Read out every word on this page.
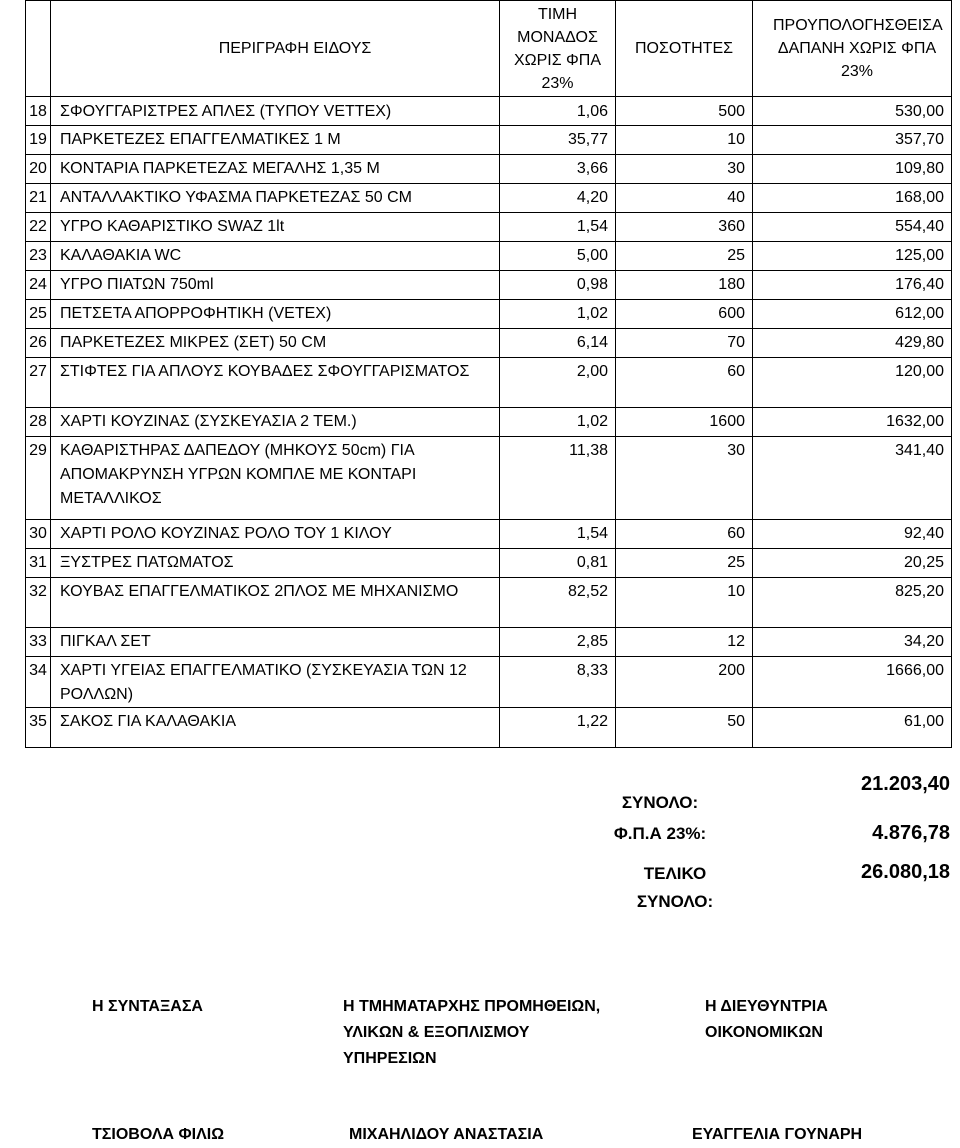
	ΠΕΡΙΓΡΑΦΗ ΕΙΔΟΥΣ	ΤΙΜΗ ΜΟΝΑΔΟΣ ΧΩΡΙΣ ΦΠΑ 23%	ΠΟΣΟΤΗΤΕΣ	ΠΡΟΥΠΟΛΟΓΗΣΘΕΙΣΑ ΔΑΠΑΝΗ ΧΩΡΙΣ ΦΠΑ 23%
18	ΣΦΟΥΓΓΑΡΙΣΤΡΕΣ ΑΠΛΕΣ (ΤΥΠΟΥ VETTEX)	1,06	500	530,00
19	ΠΑΡΚΕΤΕΖΕΣ ΕΠΑΓΓΕΛΜΑΤΙΚΕΣ 1 Μ	35,77	10	357,70
20	ΚΟΝΤΑΡΙΑ ΠΑΡΚΕΤΕΖΑΣ ΜΕΓΑΛΗΣ 1,35 Μ	3,66	30	109,80
21	ΑΝΤΑΛΛΑΚΤΙΚΟ ΥΦΑΣΜΑ ΠΑΡΚΕΤΕΖΑΣ 50 CM	4,20	40	168,00
22	ΥΓΡΟ ΚΑΘΑΡΙΣΤΙΚΟ SWAZ 1lt	1,54	360	554,40
23	ΚΑΛΑΘΑΚΙΑ WC	5,00	25	125,00
24	ΥΓΡΟ ΠΙΑΤΩΝ 750ml	0,98	180	176,40
25	ΠΕΤΣΕΤΑ ΑΠΟΡΡΟΦΗΤΙΚΗ (VETEX)	1,02	600	612,00
26	ΠΑΡΚΕΤΕΖΕΣ ΜΙΚΡΕΣ (ΣΕΤ) 50 CM	6,14	70	429,80
27	ΣΤΙΦΤΕΣ ΓΙΑ ΑΠΛΟΥΣ ΚΟΥΒΑΔΕΣ ΣΦΟΥΓΓΑΡΙΣΜΑΤΟΣ	2,00	60	120,00
28	ΧΑΡΤΙ ΚΟΥΖΙΝΑΣ (ΣΥΣΚΕΥΑΣΙΑ 2 ΤΕΜ.)	1,02	1600	1632,00
29	ΚΑΘΑΡΙΣΤΗΡΑΣ ΔΑΠΕΔΟΥ (ΜΗΚΟΥΣ 50cm) ΓΙΑ ΑΠΟΜΑΚΡΥΝΣΗ ΥΓΡΩΝ ΚΟΜΠΛΕ ΜΕ ΚΟΝΤΑΡΙ ΜΕΤΑΛΛΙΚΟΣ	11,38	30	341,40
30	ΧΑΡΤΙ ΡΟΛΟ ΚΟΥΖΙΝΑΣ ΡΟΛΟ ΤΟΥ 1 ΚΙΛΟΥ	1,54	60	92,40
31	ΞΥΣΤΡΕΣ ΠΑΤΩΜΑΤΟΣ	0,81	25	20,25
32	ΚΟΥΒΑΣ ΕΠΑΓΓΕΛΜΑΤΙΚΟΣ 2ΠΛΟΣ ΜΕ ΜΗΧΑΝΙΣΜΟ	82,52	10	825,20
33	ΠΙΓΚΑΛ ΣΕΤ	2,85	12	34,20
34	ΧΑΡΤΙ ΥΓΕΙΑΣ ΕΠΑΓΓΕΛΜΑΤΙΚΟ (ΣΥΣΚΕΥΑΣΙΑ ΤΩΝ 12 ΡΟΛΛΩΝ)	8,33	200	1666,00
35	ΣΑΚΟΣ ΓΙΑ ΚΑΛΑΘΑΚΙΑ	1,22	50	61,00
ΣΥΝΟΛΟ:
21.203,40
Φ.Π.Α 23%:	4.876,78
ΤΕΛΙΚΟ ΣΥΝΟΛΟ:
26.080,18
Η ΣΥΝΤΑΞΑΣΑ	Η ΤΜΗΜΑΤΑΡΧΗΣ ΠΡΟΜΗΘΕΙΩΝ, ΥΛΙΚΩΝ & ΕΞΟΠΛΙΣΜΟΥ ΥΠΗΡΕΣΙΩΝ
Η ΔΙΕΥΘΥΝΤΡΙΑ ΟΙΚΟΝΟΜΙΚΩΝ
ΤΣΙΟΒΟΛΑ ΦΙΛΙΩ	ΜΙΧΑΗΛΙΔΟΥ ΑΝΑΣΤΑΣΙΑ	ΕΥΑΓΓΕΛΙΑ ΓΟΥΝΑΡΗ
